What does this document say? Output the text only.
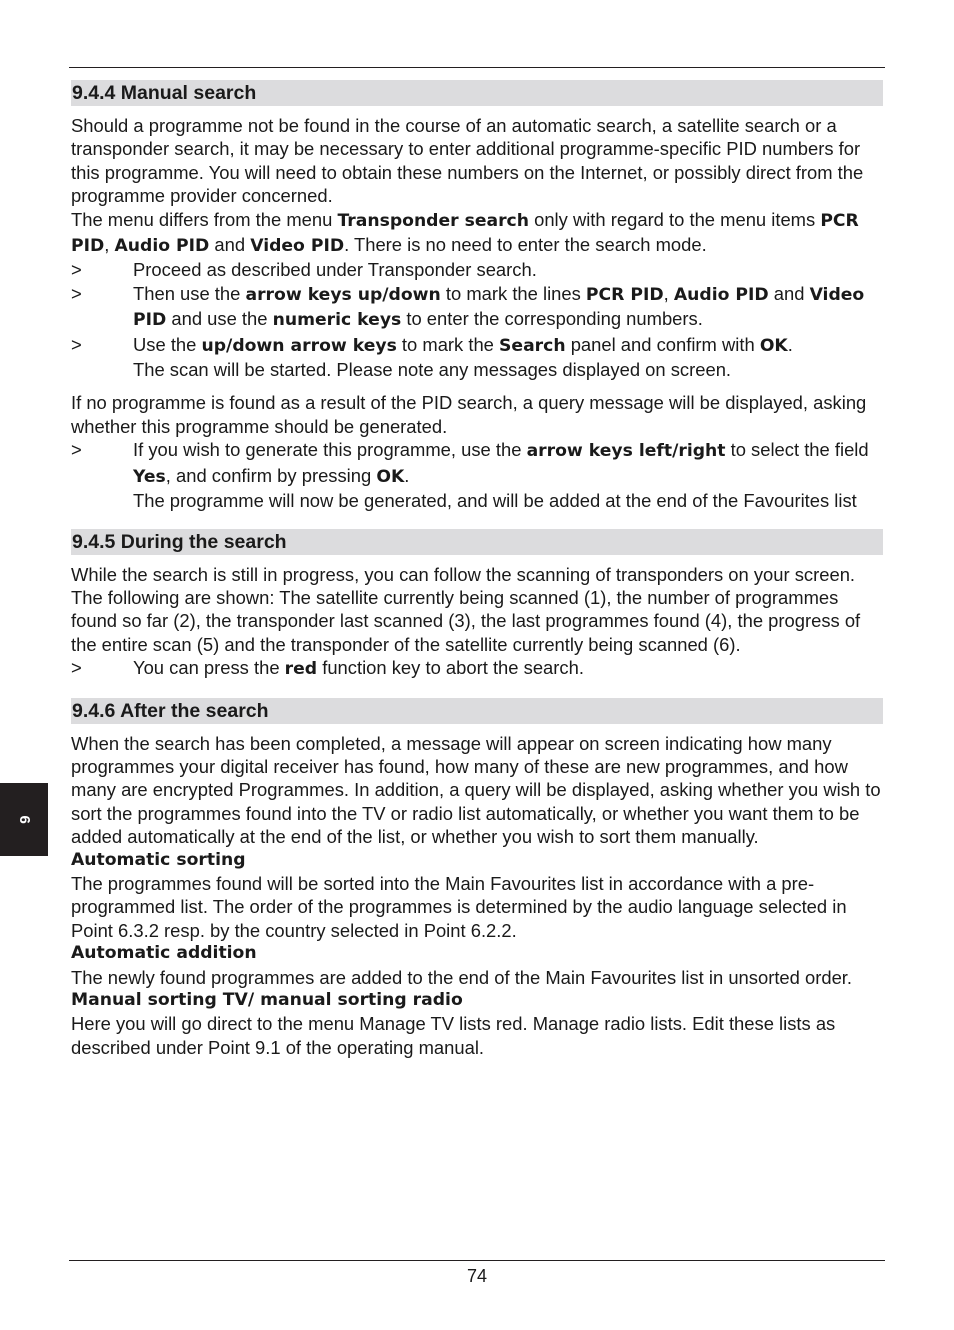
6
9.4.4 Manual search

Should a programme not be found in the course of an automatic search, a satellite search or a transponder search, it may be necessary to enter additional programme-specific PID numbers for this programme. You will need to obtain these numbers on the Internet, or possibly direct from the programme provider concerned.

The menu differs from the menu Transponder search only with regard to the menu items PCR PID, Audio PID and Video PID. There is no need to enter the search mode.

>	Proceed as described under Transponder search.
>	Then use the arrow keys up/down to mark the lines PCR PID, Audio PID and Video PID and use the numeric keys to enter the corresponding numbers.
>	Use the up/down arrow keys to mark the Search panel and confirm with OK.
The scan will be started. Please note any messages displayed on screen.

If no programme is found as a result of the PID search, a query message will be displayed, asking whether this programme should be generated.

>	If you wish to generate this programme, use the arrow keys left/right to select the field Yes, and confirm by pressing OK.
The programme will now be generated, and will be added at the end of the Favourites list
9.4.5 During the search

While the search is still in progress, you can follow the scanning of transponders on your screen.

The following are shown: The satellite currently being scanned (1), the number of programmes found so far (2), the transponder last scanned (3), the last programmes found (4), the progress of the entire scan (5) and the transponder of the satellite currently being scanned (6).

>	You can press the red function key to abort the search.
9.4.6 After the search

When the search has been completed, a message will appear on screen indicating how many programmes your digital receiver has found, how many of these are new programmes, and how many are encrypted Programmes. In addition, a query will be displayed, asking whether you wish to sort the programmes found into the TV or radio list automatically, or whether you want them to be added automatically at the end of the list, or whether you wish to sort them manually.

Automatic sorting

The programmes found will be sorted into the Main Favourites list in accordance with a pre-programmed list. The order of the programmes is determined by the audio language selected in Point 6.3.2 resp. by the country selected in Point 6.2.2.

Automatic addition

The newly found programmes are added to the end of the Main Favourites list in unsorted order.

Manual sorting TV/ manual sorting radio

Here you will go direct to the menu Manage TV lists red. Manage radio lists. Edit these lists as described under Point 9.1 of the operating manual.

74
